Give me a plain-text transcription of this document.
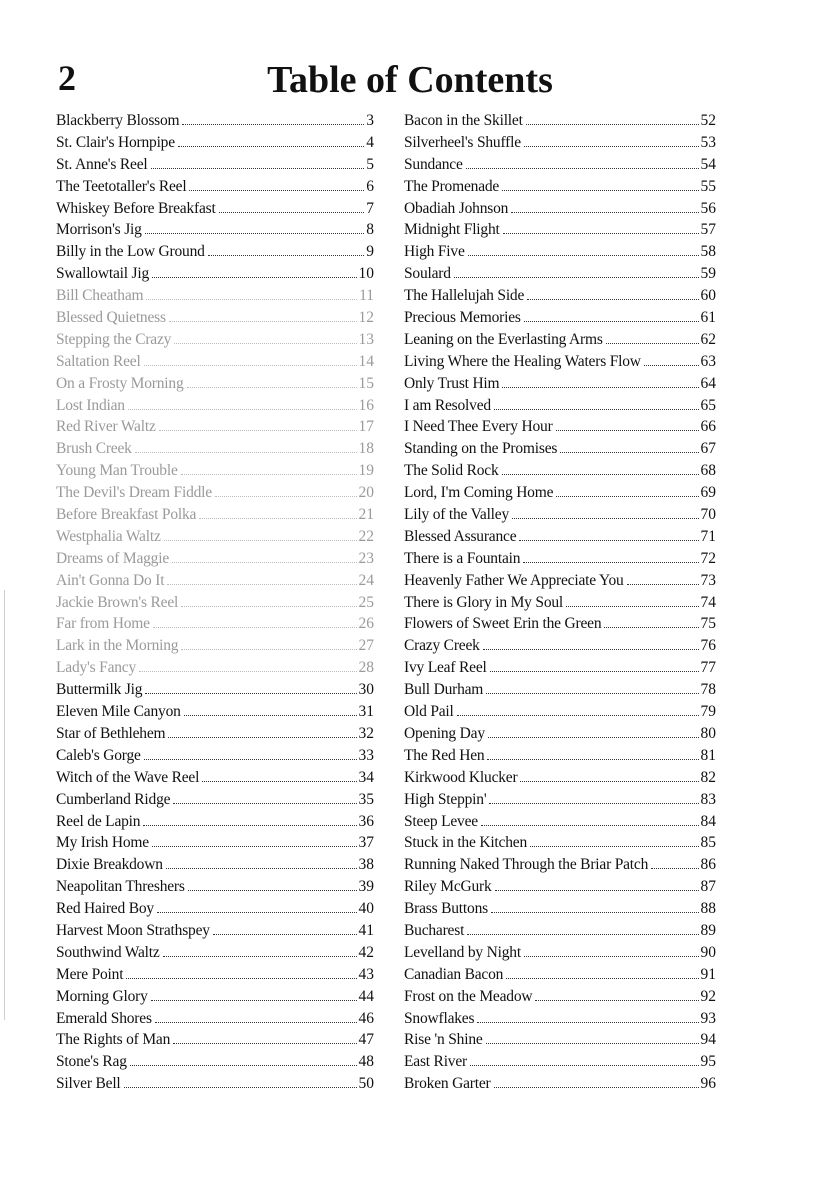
2	Table of Contents
Blackberry Blossom	3
St. Clair's Hornpipe	4
St. Anne's Reel	5
The Teetotaller's Reel	6
Whiskey Before Breakfast	7
Morrison's Jig	8
Billy in the Low Ground	9
Swallowtail Jig	10
Bill Cheatham	11
Blessed Quietness	12
Stepping the Crazy	13
Saltation Reel	14
On a Frosty Morning	15
Lost Indian	16
Red River Waltz	17
Brush Creek	18
Young Man Trouble	19
The Devil's Dream Fiddle	20
Before Breakfast Polka	21
Westphalia Waltz	22
Dreams of Maggie	23
Ain't Gonna Do It	24
Jackie Brown's Reel	25
Far from Home	26
Lark in the Morning	27
Lady's Fancy	28
Buttermilk Jig	30
Eleven Mile Canyon	31
Star of Bethlehem	32
Caleb's Gorge	33
Witch of the Wave Reel	34
Cumberland Ridge	35
Reel de Lapin	36
My Irish Home	37
Dixie Breakdown	38
Neapolitan Threshers	39
Red Haired Boy	40
Harvest Moon Strathspey	41
Southwind Waltz	42
Mere Point	43
Morning Glory	44
Emerald Shores	46
The Rights of Man	47
Stone's Rag	48
Silver Bell	50
Bacon in the Skillet	52
Silverheel's Shuffle	53
Sundance	54
The Promenade	55
Obadiah Johnson	56
Midnight Flight	57
High Five	58
Soulard	59
The Hallelujah Side	60
Precious Memories	61
Leaning on the Everlasting Arms	62
Living Where the Healing Waters Flow	63
Only Trust Him	64
I am Resolved	65
I Need Thee Every Hour	66
Standing on the Promises	67
The Solid Rock	68
Lord, I'm Coming Home	69
Lily of the Valley	70
Blessed Assurance	71
There is a Fountain	72
Heavenly Father We Appreciate You	73
There is Glory in My Soul	74
Flowers of Sweet Erin the Green	75
Crazy Creek	76
Ivy Leaf Reel	77
Bull Durham	78
Old Pail	79
Opening Day	80
The Red Hen	81
Kirkwood Klucker	82
High Steppin'	83
Steep Levee	84
Stuck in the Kitchen	85
Running Naked Through the Briar Patch	86
Riley McGurk	87
Brass Buttons	88
Bucharest	89
Levelland by Night	90
Canadian Bacon	91
Frost on the Meadow	92
Snowflakes	93
Rise 'n Shine	94
East River	95
Broken Garter	96
